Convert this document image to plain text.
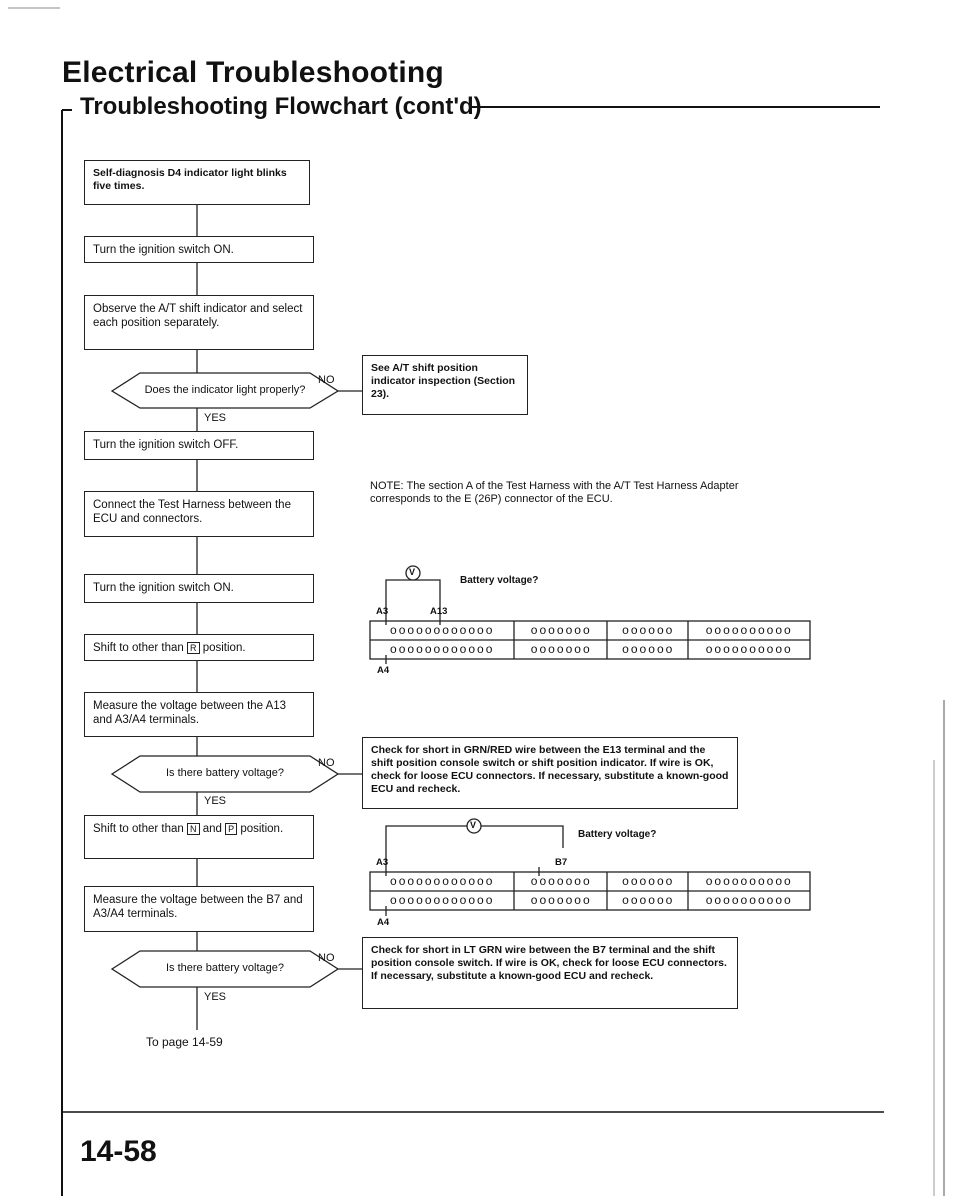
Electrical Troubleshooting
Troubleshooting Flowchart (cont'd)
Self-diagnosis D4 indicator light blinks five times.
Turn the ignition switch ON.
Observe the A/T shift indicator and select each position separately.
Does the indicator light properly?
NO
YES
See A/T shift position indicator inspection (Section 23).
Turn the ignition switch OFF.
Connect the Test Harness between the ECU and connectors.
Turn the ignition switch ON.
Shift to other than R position.
Measure the voltage between the A13 and A3/A4 terminals.
Is there battery voltage?
NO
YES
Check for short in GRN/RED wire between the E13 terminal and the shift position console switch or shift position indicator. If wire is OK, check for loose ECU connectors. If necessary, substitute a known-good ECU and recheck.
Shift to other than N and P position.
Measure the voltage between the B7 and A3/A4 terminals.
Is there battery voltage?
NO
YES
Check for short in LT GRN wire between the B7 terminal and the shift position console switch. If wire is OK, check for loose ECU connectors. If necessary, substitute a known-good ECU and recheck.
To page 14-59
NOTE: The section A of the Test Harness with the A/T Test Harness Adapter corresponds to the E (26P) connector of the ECU.
V
Battery voltage?
A3	A13
A4
oooooooooooo	ooooooo	oooooo	oooooooooo
oooooooooooo	ooooooo	oooooo	oooooooooo
V
Battery voltage?
A3	B7
A4
oooooooooooo	ooooooo	oooooo	oooooooooo
oooooooooooo	ooooooo	oooooo	oooooooooo
14-58
